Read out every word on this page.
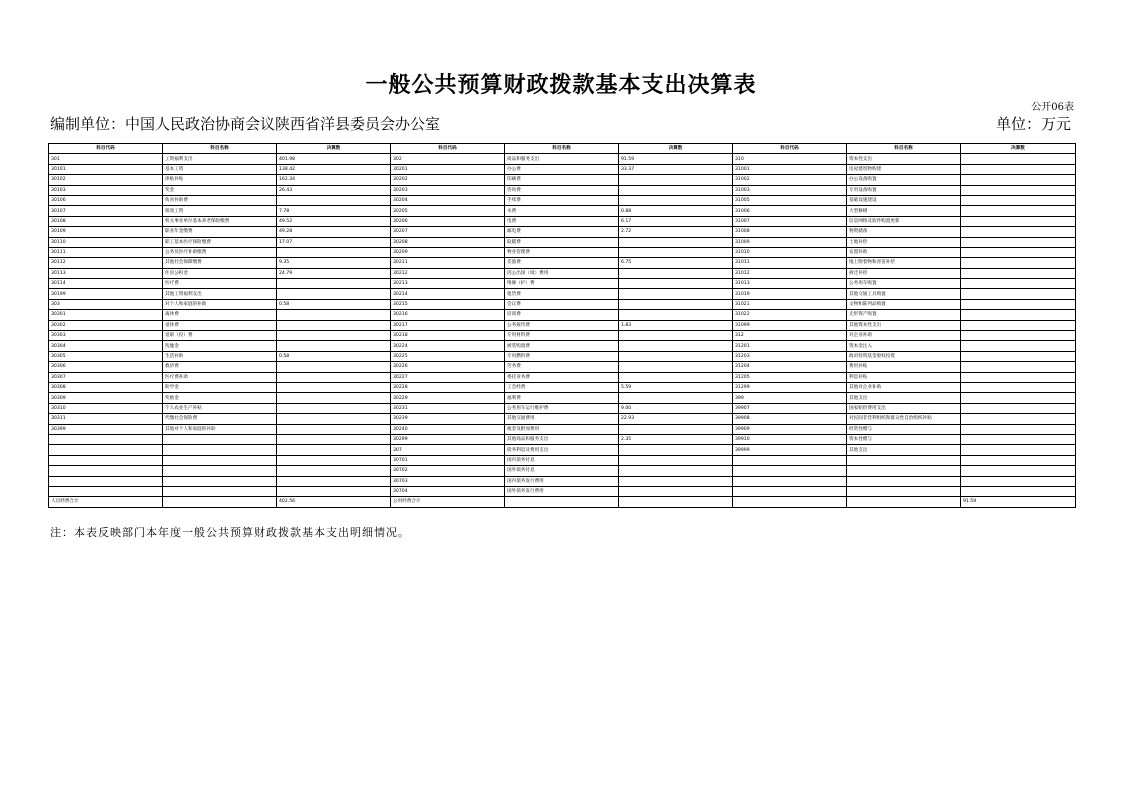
一般公共预算财政拨款基本支出决算表
公开06表
编制单位：中国人民政治协商会议陕西省洋县委员会办公室	单位：万元
科目代码	科目名称	决算数	科目代码	科目名称	决算数	科目代码	科目名称	决算数
301	工资福利支出	401.98	302	商品和服务支出	91.59	310	资本性支出	
30101	基本工资	138.42	30201	办公费	33.37	31001	房屋建筑物购建	
30102	津贴补贴	162.34	30202	印刷费		31002	办公设备购置	
30103	奖金	26.43	30203	咨询费		31003	专用设备购置	
30106	伙食补助费		30204	手续费		31005	基础设施建设	
30107	绩效工资	7.78	30205	水费	0.88	31006	大型修缮	
30108	机关事业单位基本养老保险缴费	49.52	30206	电费	6.17	31007	信息网络及软件购置更新	
30109	职业年金缴费	49.28	30207	邮电费	2.72	31008	物资储备	
30110	职工基本医疗保险缴费	17.07	30208	取暖费		31009	土地补偿	
30111	公务员医疗补助缴费		30209	物业管理费		31010	安置补助	
30112	其他社会保障缴费	9.35	30211	差旅费	6.75	31011	地上附着物和青苗补偿	
30113	住房公积金	24.79	30212	因公出国（境）费用		31012	拆迁补偿	
30114	医疗费		30213	维修（护）费		31013	公务用车购置	
30199	其他工资福利支出		30214	租赁费		31019	其他交通工具购置	
303	对个人和家庭的补助	0.58	30215	会议费		31021	文物和陈列品购置	
30301	离休费		30216	培训费		31022	无形资产购置	
30302	退休费		30217	公务接待费	1.83	31099	其他资本性支出	
30303	退职（役）费		30218	专用材料费		312	对企业补助	
30304	抚恤金		30224	被装购置费		31201	资本金注入	
30305	生活补助	0.58	30225	专用燃料费		31203	政府投资基金股权投资	
30306	救济费		30226	劳务费		31204	费用补贴	
30307	医疗费补助		30227	委托业务费		31205	利息补贴	
30308	助学金		30228	工会经费	5.59	31299	其他对企业补助	
30309	奖励金		30229	福利费		399	其他支出	
30310	个人农业生产补贴		30231	公务用车运行维护费	9.00	39907	国家赔偿费用支出	
30311	代缴社会保险费		30239	其他交通费用	22.93	39908	对民间非营利组织和群众性自治组织补贴	
30399	其他对个人和家庭的补助		30240	税金及附加费用		39909	经常性赠与	
			30299	其他商品和服务支出	2.35	39910	资本性赠与	
			307	债务利息及费用支出		39999	其他支出	
			30701	国内债务付息				
			30702	国外债务付息				
			30703	国内债务发行费用				
			30704	国外债务发行费用				
人员经费合计		402.56	公用经费合计					91.59
注：本表反映部门本年度一般公共预算财政拨款基本支出明细情况。
